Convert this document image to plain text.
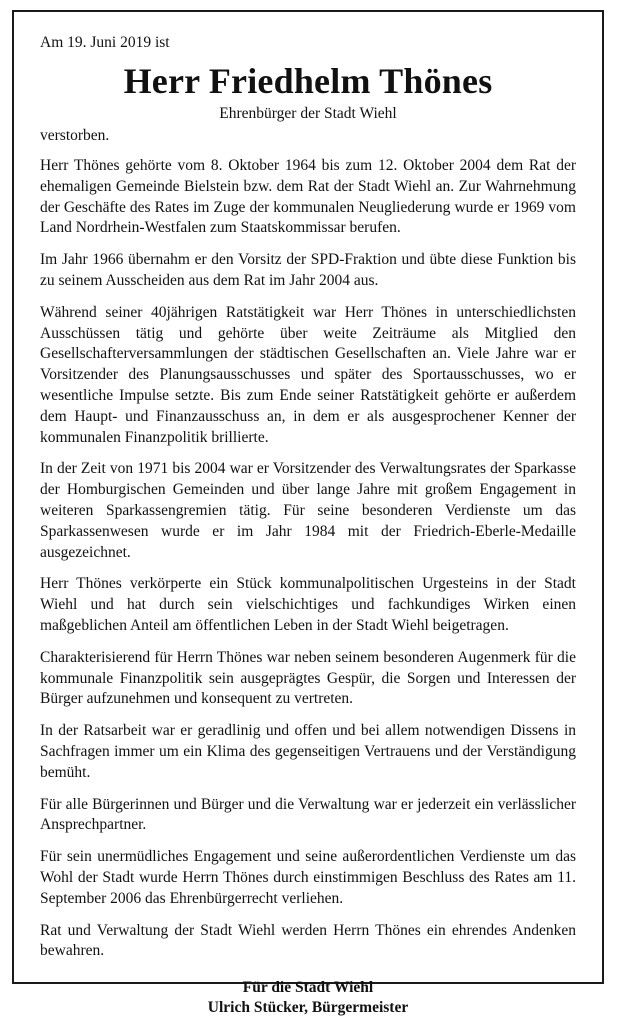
Am 19. Juni 2019 ist

Herr Friedhelm Thönes

Ehrenbürger der Stadt Wiehl

verstorben.

Herr Thönes gehörte vom 8. Oktober 1964 bis zum 12. Oktober 2004 dem Rat der ehemaligen Gemeinde Bielstein bzw. dem Rat der Stadt Wiehl an. Zur Wahrnehmung der Geschäfte des Rates im Zuge der kommunalen Neugliederung wurde er 1969 vom Land Nordrhein-Westfalen zum Staatskommissar berufen.

Im Jahr 1966 übernahm er den Vorsitz der SPD-Fraktion und übte diese Funktion bis zu seinem Ausscheiden aus dem Rat im Jahr 2004 aus.

Während seiner 40jährigen Ratstätigkeit war Herr Thönes in unterschiedlichsten Ausschüssen tätig und gehörte über weite Zeiträume als Mitglied den Gesellschafterversammlungen der städtischen Gesellschaften an. Viele Jahre war er Vorsitzender des Planungsausschusses und später des Sportausschusses, wo er wesentliche Impulse setzte. Bis zum Ende seiner Ratstätigkeit gehörte er außerdem dem Haupt- und Finanzausschuss an, in dem er als ausgesprochener Kenner der kommunalen Finanzpolitik brillierte.

In der Zeit von 1971 bis 2004 war er Vorsitzender des Verwaltungsrates der Sparkasse der Homburgischen Gemeinden und über lange Jahre mit großem Engagement in weiteren Sparkassengremien tätig. Für seine besonderen Verdienste um das Sparkassenwesen wurde er im Jahr 1984 mit der Friedrich-Eberle-Medaille ausgezeichnet.

Herr Thönes verkörperte ein Stück kommunalpolitischen Urgesteins in der Stadt Wiehl und hat durch sein vielschichtiges und fachkundiges Wirken einen maßgeblichen Anteil am öffentlichen Leben in der Stadt Wiehl beigetragen.

Charakterisierend für Herrn Thönes war neben seinem besonderen Augenmerk für die kommunale Finanzpolitik sein ausgeprägtes Gespür, die Sorgen und Interessen der Bürger aufzunehmen und konsequent zu vertreten.

In der Ratsarbeit war er geradlinig und offen und bei allem notwendigen Dissens in Sachfragen immer um ein Klima des gegenseitigen Vertrauens und der Verständigung bemüht.

Für alle Bürgerinnen und Bürger und die Verwaltung war er jederzeit ein verlässlicher Ansprechpartner.

Für sein unermüdliches Engagement und seine außerordentlichen Verdienste um das Wohl der Stadt wurde Herrn Thönes durch einstimmigen Beschluss des Rates am 11. September 2006 das Ehrenbürgerrecht verliehen.

Rat und Verwaltung der Stadt Wiehl werden Herrn Thönes ein ehrendes Andenken bewahren.

Für die Stadt Wiehl
Ulrich Stücker, Bürgermeister
